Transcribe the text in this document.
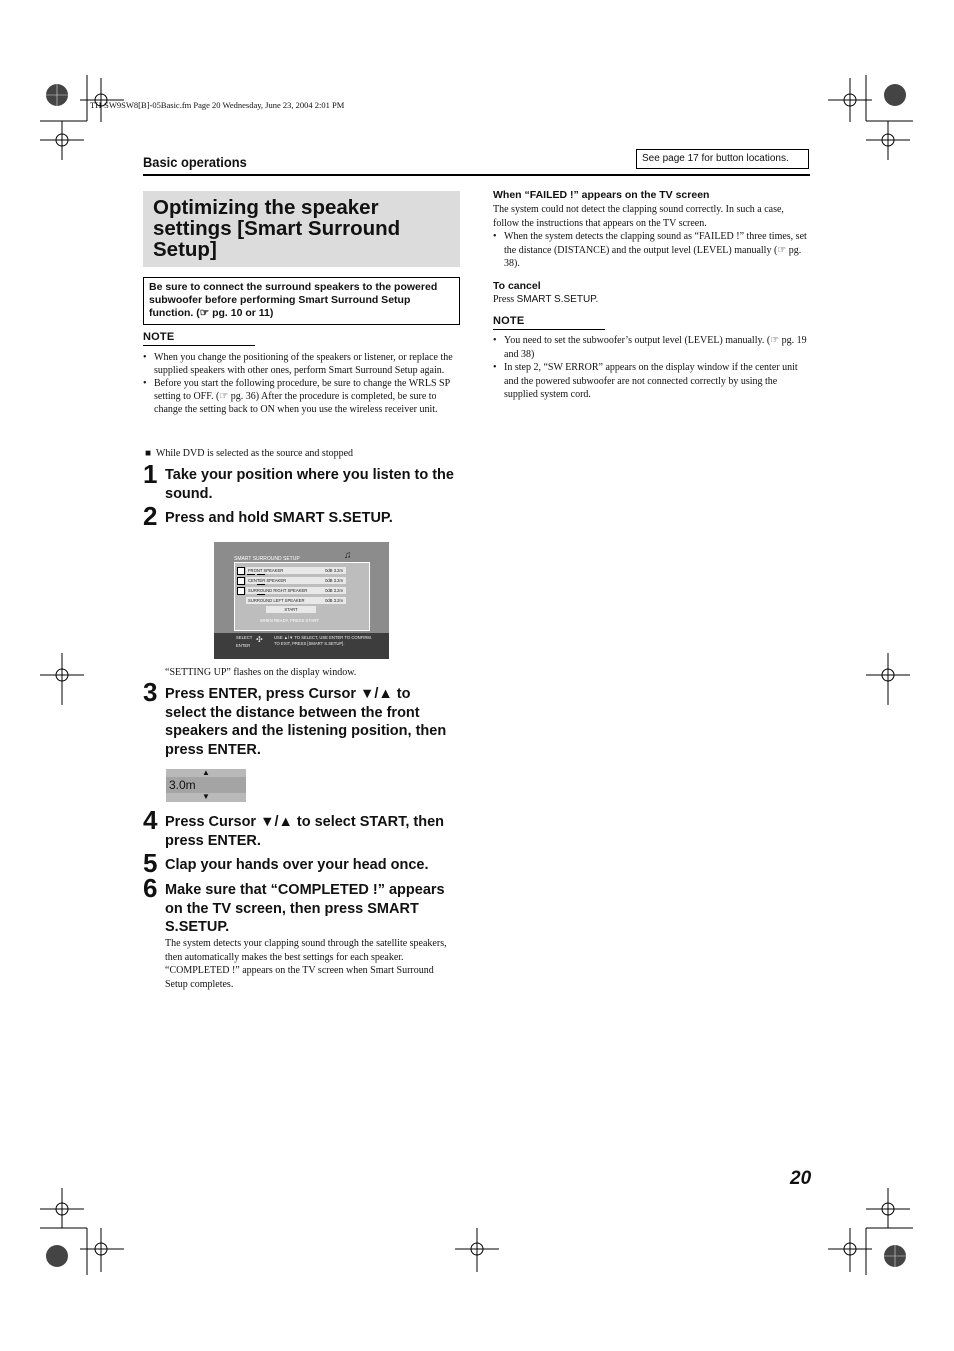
TH-SW9SW8[B]-05Basic.fm Page 20 Wednesday, June 23, 2004 2:01 PM
Basic operations	See page 17 for button locations.
Optimizing the speaker settings [Smart Surround Setup]
Be sure to connect the surround speakers to the powered subwoofer before performing Smart Surround Setup function. (☞ pg. 10 or 11)
NOTE
• When you change the positioning of the speakers or listener, or replace the supplied speakers with other ones, perform Smart Surround Setup again.
• Before you start the following procedure, be sure to change the WRLS SP setting to OFF. (☞ pg. 36) After the procedure is completed, be sure to change the setting back to ON when you use the wireless receiver unit.
■ While DVD is selected as the source and stopped
1 Take your position where you listen to the sound.
2 Press and hold SMART S.SETUP.
SMART SURROUND SETUP	♫
FRONT SPEAKER	0dB 3.2m
CENTER SPEAKER	0dB 3.2m
SURROUND RIGHT SPEAKER	0dB 3.2m
SURROUND LEFT SPEAKER	0dB 3.2m
START
WHEN READY, PRESS START
SELECT
ENTER
✣	USE ▲/▼ TO SELECT, USE ENTER TO CONFIRM.
TO EXIT, PRESS [SMART S.SETUP].
“SETTING UP” flashes on the display window.
3 Press ENTER, press Cursor ▼/▲ to select the distance between the front speakers and the listening position, then press ENTER.
▲
3.0m
▼
4 Press Cursor ▼/▲ to select START, then press ENTER.
5 Clap your hands over your head once.
6 Make sure that “COMPLETED !” appears on the TV screen, then press SMART S.SETUP.
The system detects your clapping sound through the satellite speakers, then automatically makes the best settings for each speaker. “COMPLETED !” appears on the TV screen when Smart Surround Setup completes.
When “FAILED !” appears on the TV screen
The system could not detect the clapping sound correctly. In such a case, follow the instructions that appears on the TV screen.
• When the system detects the clapping sound as “FAILED !” three times, set the distance (DISTANCE) and the output level (LEVEL) manually (☞ pg. 38).
To cancel
Press SMART S.SETUP.
NOTE
• You need to set the subwoofer’s output level (LEVEL) manually. (☞ pg. 19 and 38)
• In step 2, “SW ERROR” appears on the display window if the center unit and the powered subwoofer are not connected correctly by using the supplied system cord.
20
